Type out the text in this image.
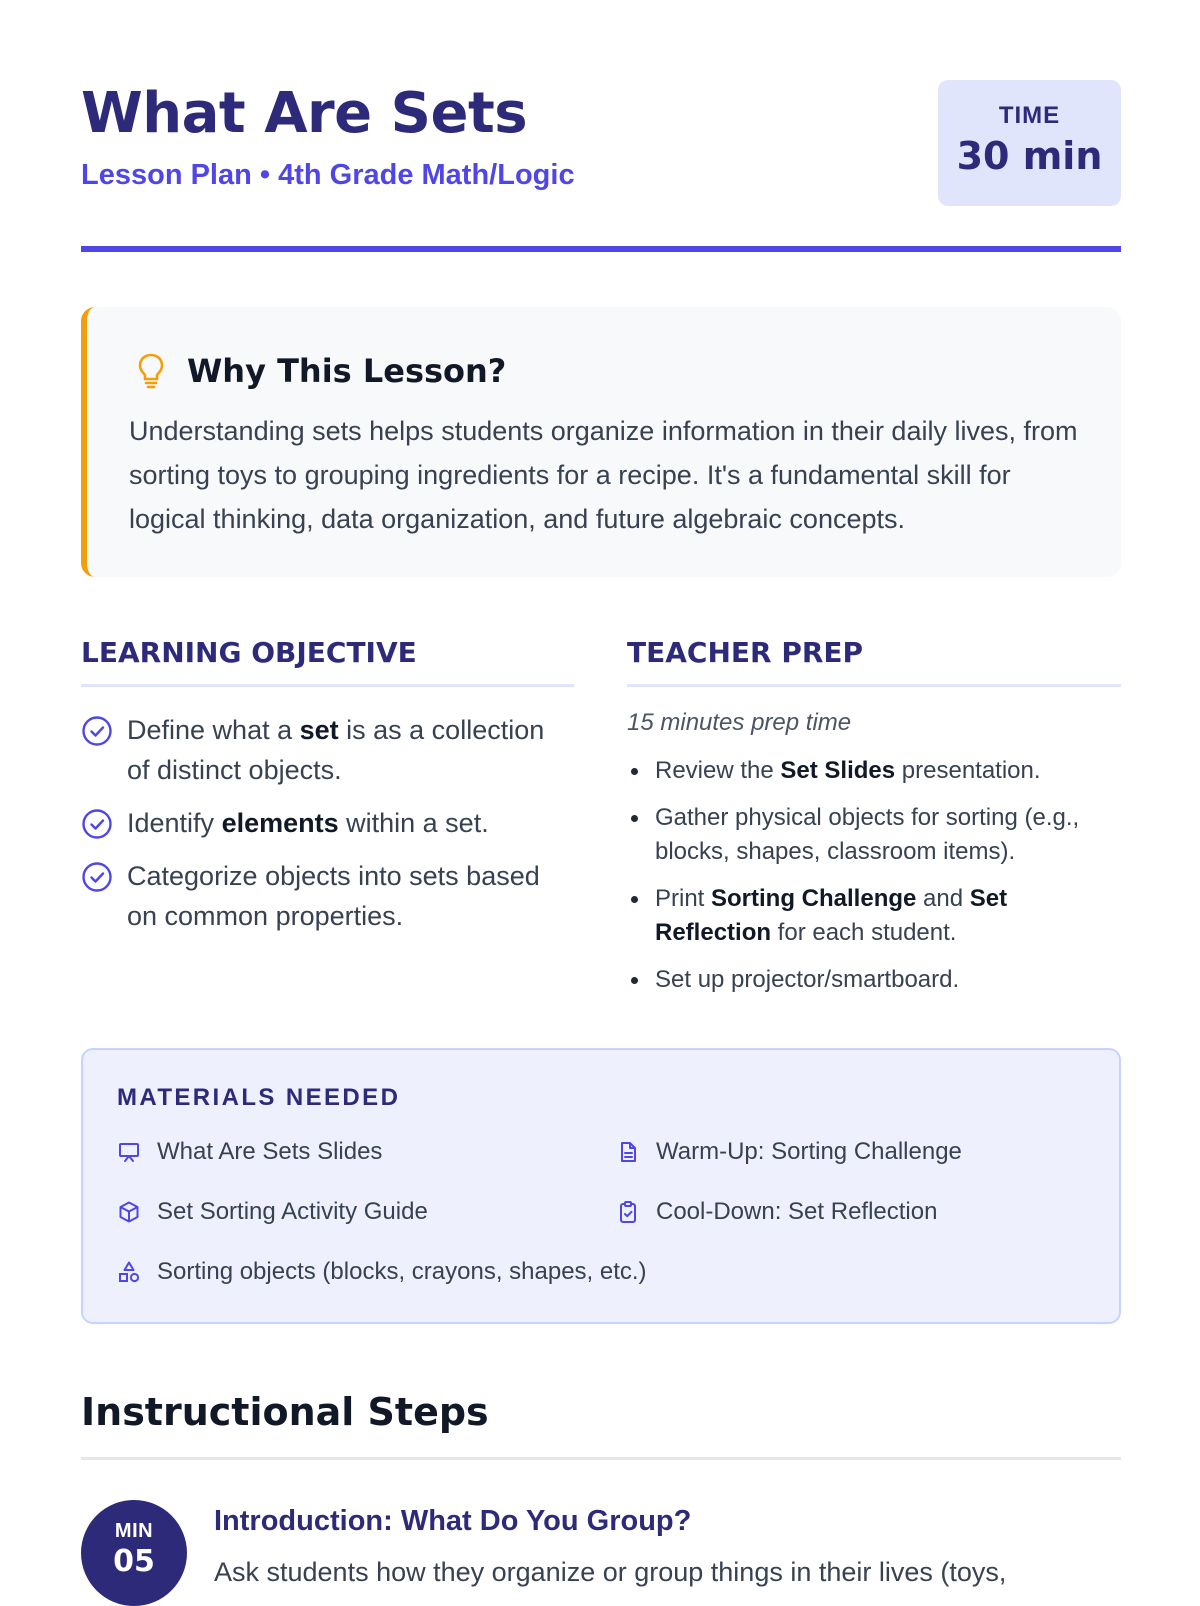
What Are Sets
Lesson Plan • 4th Grade Math/Logic
TIME
30 min
Why This Lesson?
Understanding sets helps students organize information in their daily lives, from sorting toys to grouping ingredients for a recipe. It's a fundamental skill for logical thinking, data organization, and future algebraic concepts.
LEARNING OBJECTIVE
Define what a set is as a collection of distinct objects.
Identify elements within a set.
Categorize objects into sets based on common properties.
TEACHER PREP
15 minutes prep time
Review the Set Slides presentation.
Gather physical objects for sorting (e.g., blocks, shapes, classroom items).
Print Sorting Challenge and Set Reflection for each student.
Set up projector/smartboard.
MATERIALS NEEDED
What Are Sets Slides	Warm-Up: Sorting Challenge
Set Sorting Activity Guide	Cool-Down: Set Reflection
Sorting objects (blocks, crayons, shapes, etc.)
Instructional Steps
MIN
05
Introduction: What Do You Group?
Ask students how they organize or group things in their lives (toys,
